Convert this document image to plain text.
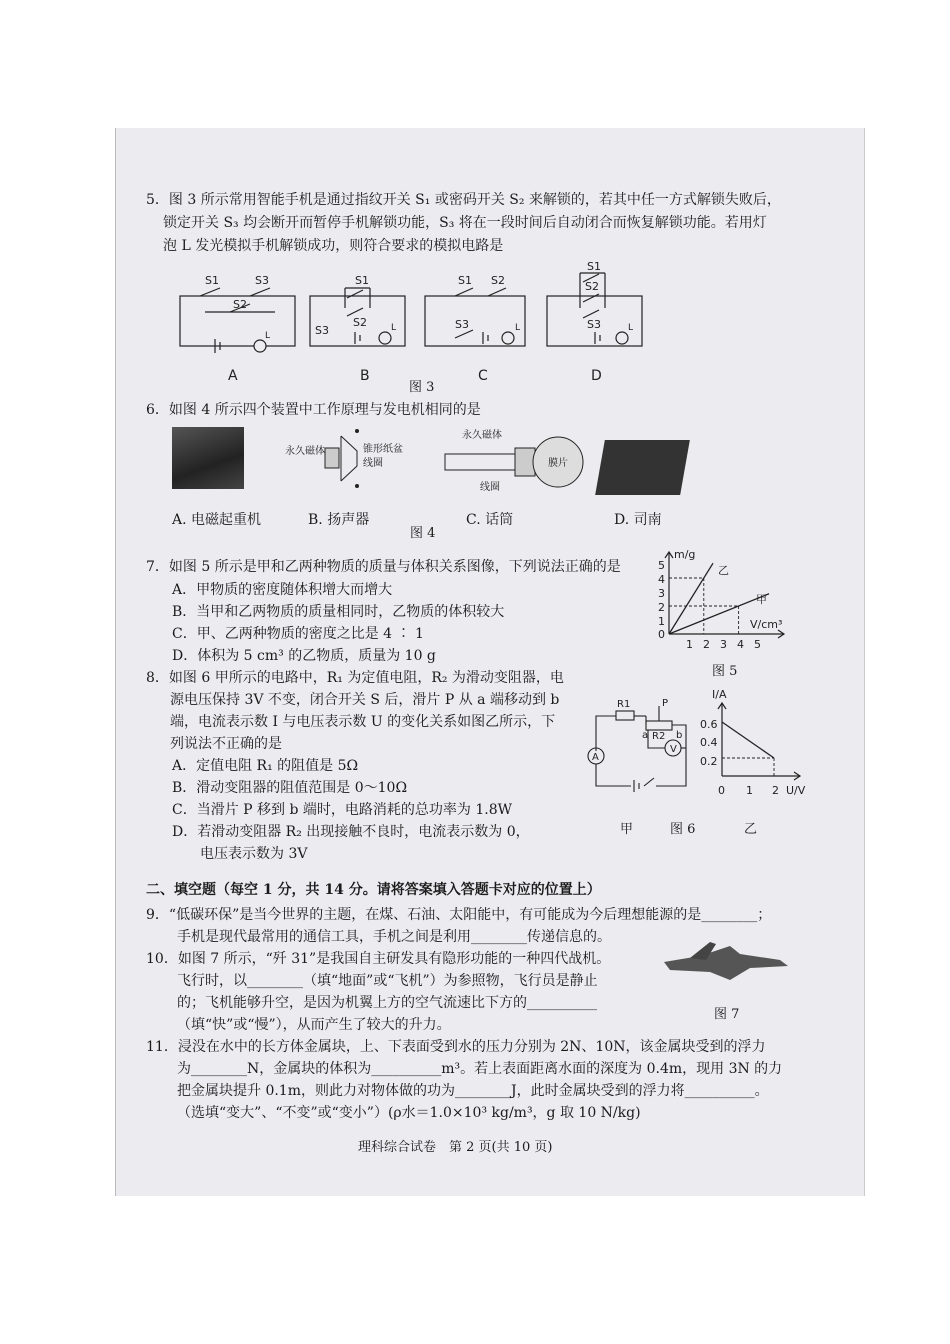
5．图 3 所示常用智能手机是通过指纹开关 S₁ 或密码开关 S₂ 来解锁的，若其中任一方式解锁失败后，
锁定开关 S₃ 均会断开而暂停手机解锁功能，S₃ 将在一段时间后自动闭合而恢复解锁功能。若用灯
泡 L 发光模拟手机解锁成功，则符合要求的模拟电路是
S1	S3
S2
S1
S2
S3
S1 S2
S3
S1
S2
S3
L
L	L	L
A	B	C	D
图 3
6．如图 4 所示四个装置中工作原理与发电机相同的是
永久磁体	锥形纸盆
线圈
永久磁体
线圈
膜片
A. 电磁起重机	B. 扬声器	C. 话筒	D. 司南
图 4
7．如图 5 所示是甲和乙两种物质的质量与体积关系图像，下列说法正确的是
A．甲物质的密度随体积增大而增大
B．当甲和乙两物质的质量相同时，乙物质的体积较大
C．甲、乙两种物质的密度之比是 4 ∶ 1
D．体积为 5 cm³ 的乙物质，质量为 10 g
m/g
V/cm³
0
1
2
3
4
5
1 2 3 4 5
乙
甲
图 5
8．如图 6 甲所示的电路中，R₁ 为定值电阻，R₂ 为滑动变阻器，电
源电压保持 3V 不变，闭合开关 S 后，滑片 P 从 a 端移动到 b
端，电流表示数 I 与电压表示数 U 的变化关系如图乙所示，下
列说法不正确的是
A．定值电阻 R₁ 的阻值是 5Ω
B．滑动变阻器的阻值范围是 0～10Ω
C．当滑片 P 移到 b 端时，电路消耗的总功率为 1.8W
D．若滑动变阻器 R₂ 出现接触不良时，电流表示数为 0，
电压表示数为 3V
R1
R2
a	b
P
A
V
I/A
U/V
0.6
0.4
0.2
0 1 2
甲	图 6	乙
二、填空题（每空 1 分，共 14 分。请将答案填入答题卡对应的位置上）
9．“低碳环保”是当今世界的主题，在煤、石油、太阳能中，有可能成为今后理想能源的是________；
手机是现代最常用的通信工具，手机之间是利用________传递信息的。
10．如图 7 所示，“歼 31”是我国自主研发具有隐形功能的一种四代战机。
飞行时，以________（填“地面”或“飞机”）为参照物，飞行员是静止
的；飞机能够升空，是因为机翼上方的空气流速比下方的__________
（填“快”或“慢”），从而产生了较大的升力。
图 7
11．浸没在水中的长方体金属块，上、下表面受到水的压力分别为 2N、10N，该金属块受到的浮力
为________N，金属块的体积为__________m³。若上表面距离水面的深度为 0.4m，现用 3N 的力
把金属块提升 0.1m，则此力对物体做的功为________J，此时金属块受到的浮力将__________。
（选填“变大”、“不变”或“变小”）(ρ水＝1.0×10³ kg/m³，g 取 10 N/kg)
理科综合试卷　第 2 页(共 10 页)
